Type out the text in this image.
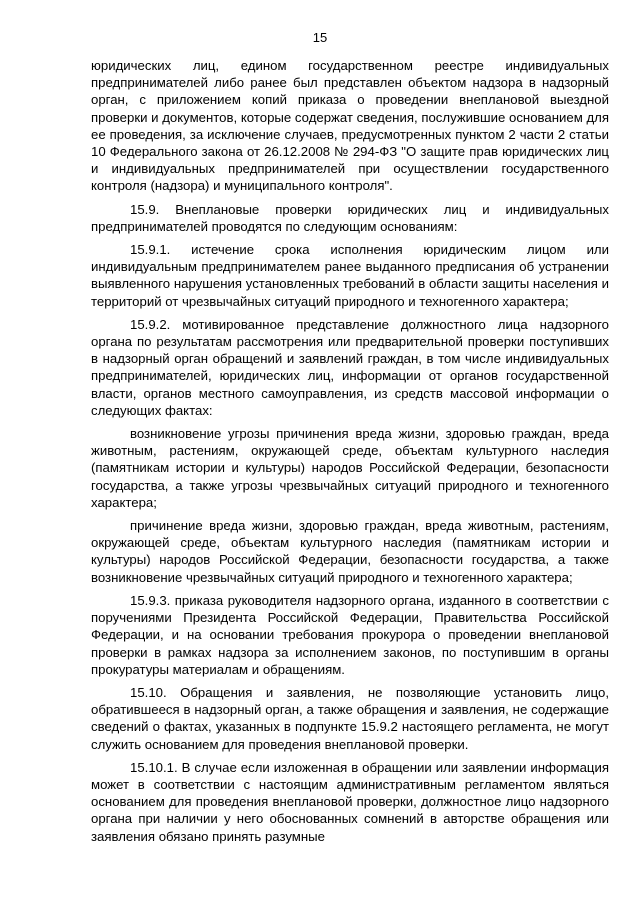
15

юридических лиц, едином государственном реестре индивидуальных предпринимателей либо ранее был представлен объектом надзора в надзорный орган, с приложением копий приказа о проведении внеплановой выездной проверки и документов, которые содержат сведения, послужившие основанием для ее проведения, за исключение случаев, предусмотренных пунктом 2 части 2 статьи 10 Федерального закона от 26.12.2008 № 294-ФЗ "О защите прав юридических лиц и индивидуальных предпринимателей при осуществлении государственного контроля (надзора) и муниципального контроля".

15.9. Внеплановые проверки юридических лиц и индивидуальных предпринимателей проводятся по следующим основаниям:

15.9.1. истечение срока исполнения юридическим лицом или индивидуальным предпринимателем ранее выданного предписания об устранении выявленного нарушения установленных требований в области защиты населения и территорий от чрезвычайных ситуаций природного и техногенного характера;

15.9.2. мотивированное представление должностного лица надзорного органа по результатам рассмотрения или предварительной проверки поступивших в надзорный орган обращений и заявлений граждан, в том числе индивидуальных предпринимателей, юридических лиц, информации от органов государственной власти, органов местного самоуправления, из средств массовой информации о следующих фактах:

возникновение угрозы причинения вреда жизни, здоровью граждан, вреда животным, растениям, окружающей среде, объектам культурного наследия (памятникам истории и культуры) народов Российской Федерации, безопасности государства, а также угрозы чрезвычайных ситуаций природного и техногенного характера;

причинение вреда жизни, здоровью граждан, вреда животным, растениям, окружающей среде, объектам культурного наследия (памятникам истории и культуры) народов Российской Федерации, безопасности государства, а также возникновение чрезвычайных ситуаций природного и техногенного характера;

15.9.3. приказа руководителя надзорного органа, изданного в соответствии с поручениями Президента Российской Федерации, Правительства Российской Федерации, и на основании требования прокурора о проведении внеплановой проверки в рамках надзора за исполнением законов, по поступившим в органы прокуратуры материалам и обращениям.

15.10. Обращения и заявления, не позволяющие установить лицо, обратившееся в надзорный орган, а также обращения и заявления, не содержащие сведений о фактах, указанных в подпункте 15.9.2 настоящего регламента, не могут служить основанием для проведения внеплановой проверки.

15.10.1. В случае если изложенная в обращении или заявлении информация может в соответствии с настоящим административным регламентом являться основанием для проведения внеплановой проверки, должностное лицо надзорного органа при наличии у него обоснованных сомнений в авторстве обращения или заявления обязано принять разумные
